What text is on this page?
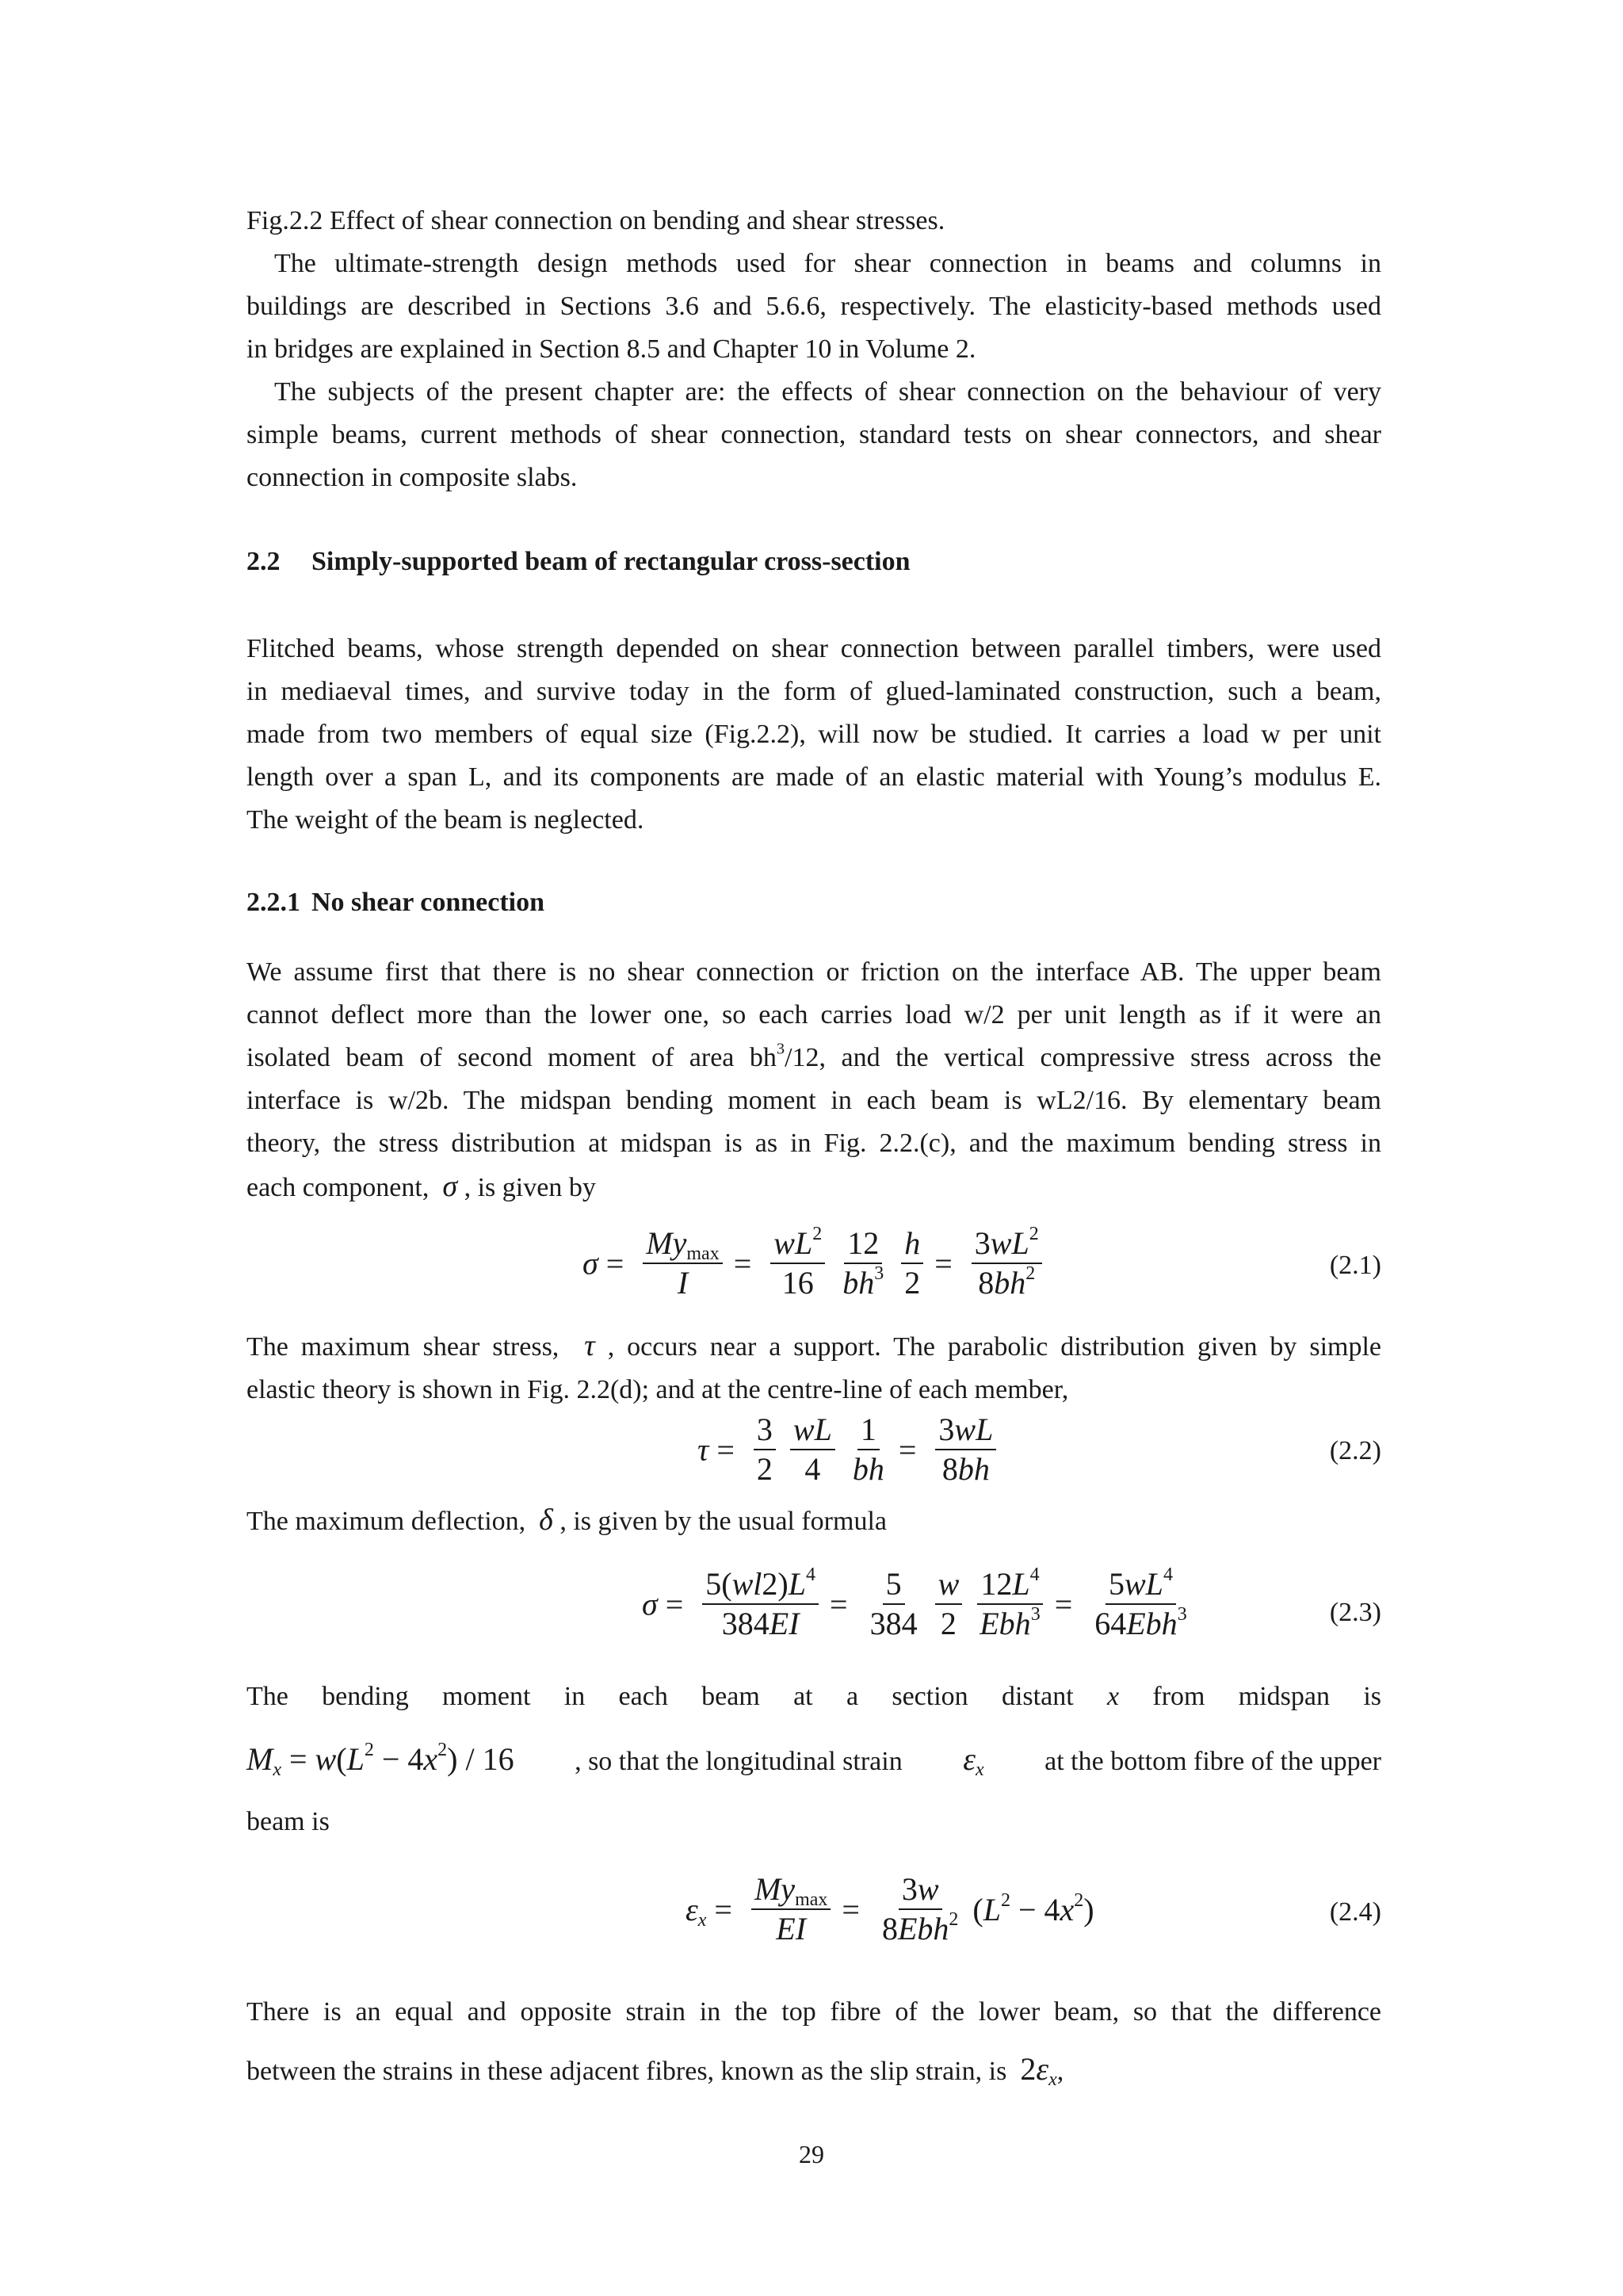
Fig.2.2 Effect of shear connection on bending and shear stresses.
The ultimate-strength design methods used for shear connection in beams and columns in
buildings are described in Sections 3.6 and 5.6.6, respectively. The elasticity-based methods used
in bridges are explained in Section 8.5 and Chapter 10 in Volume 2.
The subjects of the present chapter are: the effects of shear connection on the behaviour of very
simple beams, current methods of shear connection, standard tests on shear connectors, and shear
connection in composite slabs.
2.2 Simply-supported beam of rectangular cross-section
Flitched beams, whose strength depended on shear connection between parallel timbers, were used
in mediaeval times, and survive today in the form of glued-laminated construction, such a beam,
made from two members of equal size (Fig.2.2), will now be studied. It carries a load w per unit
length over a span L, and its components are made of an elastic material with Young’s modulus E.
The weight of the beam is neglected.
2.2.1 No shear connection
We assume first that there is no shear connection or friction on the interface AB. The upper beam
cannot deflect more than the lower one, so each carries load w/2 per unit length as if it were an
isolated beam of second moment of area $bh^3/12$, and the vertical compressive stress across the
interface is w/2b. The midspan bending moment in each beam is wL2/16. By elementary beam
theory, the stress distribution at midspan is as in Fig. 2.2.(c), and the maximum bending stress in
each component, σ , is given by
$\sigma = \frac{My_{max}}{I} = \frac{wL^2}{16}$
$\frac{12}{bh^3}$
$\frac{h}{2} = \frac{3wL^2}{8bh^2}$	(2.1)
The maximum shear stress, τ , occurs near a support. The parabolic distribution given by simple
elastic theory is shown in Fig. 2.2(d); and at the centre-line of each member,
$\tau = \frac{3}{2}$
$\frac{wL}{4}$
$\frac{1}{bh} = \frac{3wL}{8bh}$	(2.2)
The maximum deflection, δ , is given by the usual formula
$\sigma = \frac{5(wl2)L^4}{384EI} = \frac{5}{384}$
$\frac{w}{2}$
$\frac{12L^4}{Ebh^3} = \frac{5wL^4}{64Ebh^3}$	(2.3)
The bending moment in each beam at a section distant x from midspan is
$M_x = w(L^2 - 4x^2) / 16$ , so that the longitudinal strain $\varepsilon_x$ at the bottom fibre of the upper
beam is
$\varepsilon_x = \frac{My_{max}}{EI} = \frac{3w}{8Ebh^2} (L^2 - 4x^2)$	(2.4)
There is an equal and opposite strain in the top fibre of the lower beam, so that the difference
between the strains in these adjacent fibres, known as the slip strain, is $2\varepsilon_x$,
29
